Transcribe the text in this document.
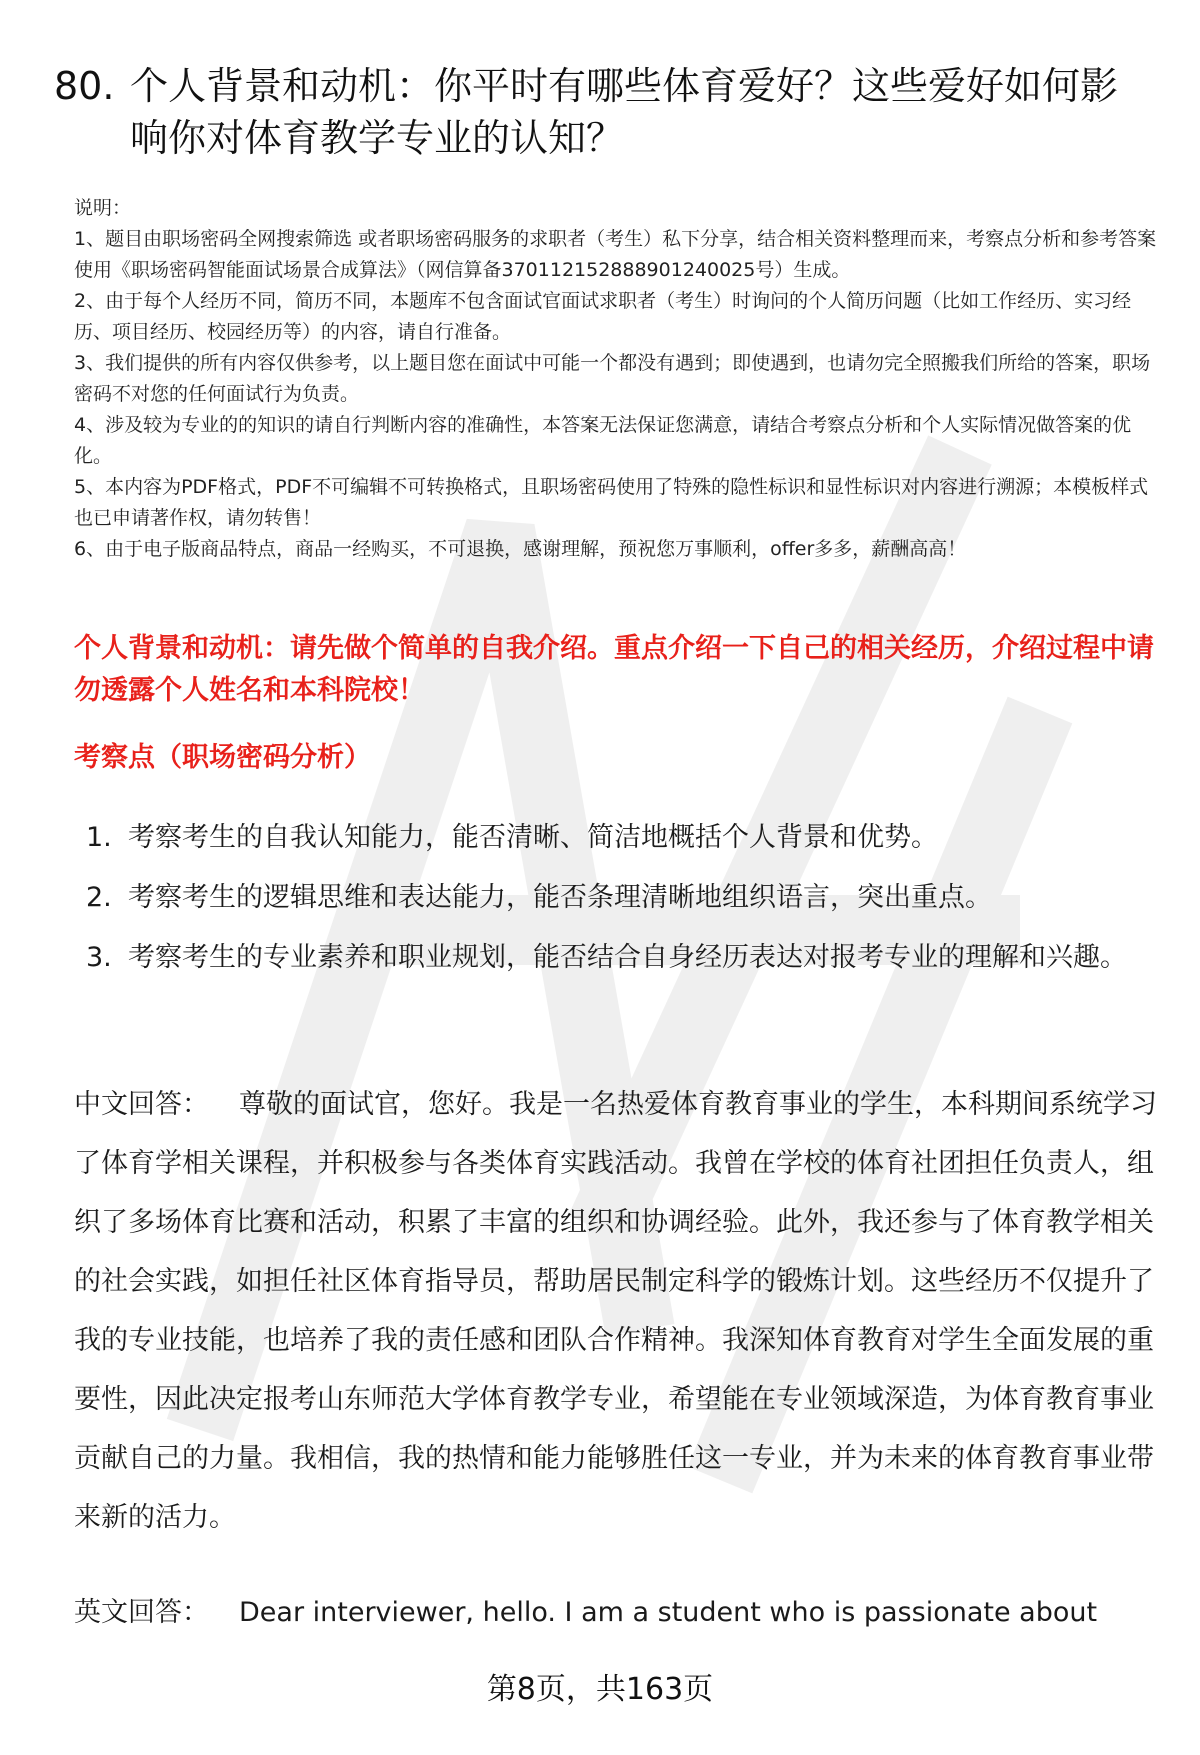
80. 个人背景和动机：你平时有哪些体育爱好？这些爱好如何影响你对体育教学专业的认知？

说明：

1、题目由职场密码全网搜索筛选 或者职场密码服务的求职者（考生）私下分享，结合相关资料整理而来，考察点分析和参考答案使用《职场密码智能面试场景合成算法》（网信算备370112152888901240025号）生成。

2、由于每个人经历不同，简历不同，本题库不包含面试官面试求职者（考生）时询问的个人简历问题（比如工作经历、实习经历、项目经历、校园经历等）的内容，请自行准备。

3、我们提供的所有内容仅供参考，以上题目您在面试中可能一个都没有遇到；即使遇到，也请勿完全照搬我们所给的答案，职场密码不对您的任何面试行为负责。

4、涉及较为专业的的知识的请自行判断内容的准确性，本答案无法保证您满意，请结合考察点分析和个人实际情况做答案的优化。

5、本内容为PDF格式，PDF不可编辑不可转换格式，且职场密码使用了特殊的隐性标识和显性标识对内容进行溯源；本模板样式也已申请著作权，请勿转售！

6、由于电子版商品特点，商品一经购买，不可退换，感谢理解，预祝您万事顺利，offer多多，薪酬高高！

个人背景和动机：请先做个简单的自我介绍。重点介绍一下自己的相关经历，介绍过程中请勿透露个人姓名和本科院校！
考察点（职场密码分析）
1. 考察考生的自我认知能力，能否清晰、简洁地概括个人背景和优势。
2. 考察考生的逻辑思维和表达能力，能否条理清晰地组织语言，突出重点。
3. 考察考生的专业素养和职业规划，能否结合自身经历表达对报考专业的理解和兴趣。
中文回答： 尊敬的面试官，您好。我是一名热爱体育教育事业的学生，本科期间系统学习了体育学相关课程，并积极参与各类体育实践活动。我曾在学校的体育社团担任负责人，组织了多场体育比赛和活动，积累了丰富的组织和协调经验。此外，我还参与了体育教学相关的社会实践，如担任社区体育指导员，帮助居民制定科学的锻炼计划。这些经历不仅提升了我的专业技能，也培养了我的责任感和团队合作精神。我深知体育教育对学生全面发展的重要性，因此决定报考山东师范大学体育教学专业，希望能在专业领域深造，为体育教育事业贡献自己的力量。我相信，我的热情和能力能够胜任这一专业，并为未来的体育教育事业带来新的活力。
英文回答： Dear interviewer, hello. I am a student who is passionate about
第8页，共163页
